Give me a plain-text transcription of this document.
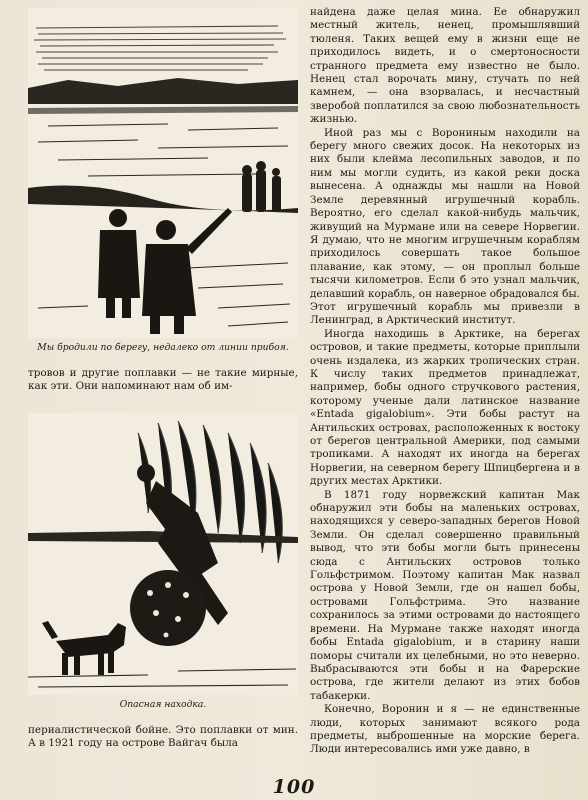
Мы бродили по берегу, недалеко от линии прибоя.

тровов и другие поплавки — не такие мирные, как эти. Они напоминают нам об им-

Опасная находка.

периалистической бойне. Это поплавки от мин. А в 1921 году на острове Вайгач была

найдена даже целая мина. Ее обнаружил местный житель, ненец, промышлявший тюленя. Таких вещей ему в жизни еще не приходилось видеть, и о смертоносности странного предмета ему известно не было. Ненец стал ворочать мину, стучать по ней камнем, — она взорвалась, и несчастный зверобой поплатился за свою любознательность жизнью.

Иной раз мы с Ворониным находили на берегу много свежих досок. На некоторых из них были клейма лесопильных заводов, и по ним мы могли судить, из какой реки доска вынесена. А однажды мы нашли на Новой Земле деревянный игрушечный корабль. Вероятно, его сделал какой-нибудь мальчик, живущий на Мурмане или на севере Норвегии. Я думаю, что не многим игрушечным кораблям приходилось совершать такое большое плавание, как этому, — он проплыл больше тысячи километров. Если б это узнал мальчик, делавший корабль, он наверное обрадовался бы. Этот игрушечный корабль мы привезли в Ленинград, в Арктический институт.

Иногда находишь в Арктике, на берегах островов, и такие предметы, которые приплыли очень издалека, из жарких тропических стран. К числу таких предметов принадлежат, например, бобы одного стручкового растения, которому ученые дали латинское название «Entada gigalobium». Эти бобы растут на Антильских островах, расположенных к востоку от берегов центральной Америки, под самыми тропиками. А находят их иногда на берегах Норвегии, на северном берегу Шпицбергена и в других местах Арктики.

В 1871 году норвежский капитан Мак обнаружил эти бобы на маленьких островах, находящихся у северо-западных берегов Новой Земли. Он сделал совершенно правильный вывод, что эти бобы могли быть принесены сюда с Антильских островов только Гольфстримом. Поэтому капитан Мак назвал острова у Новой Земли, где он нашел бобы, островами Гольфстрима. Это название сохранилось за этими островами до настоящего времени. На Мурмане также находят иногда бобы Entada gigalobium, и в старину наши поморы считали их целебными, но это неверно. Выбрасываются эти бобы и на Фарерские острова, где жители делают из этих бобов табакерки.

Конечно, Воронин и я — не единственные люди, которых занимают всякого рода предметы, выброшенные на морские берега. Люди интересовались ими уже давно, в

100
